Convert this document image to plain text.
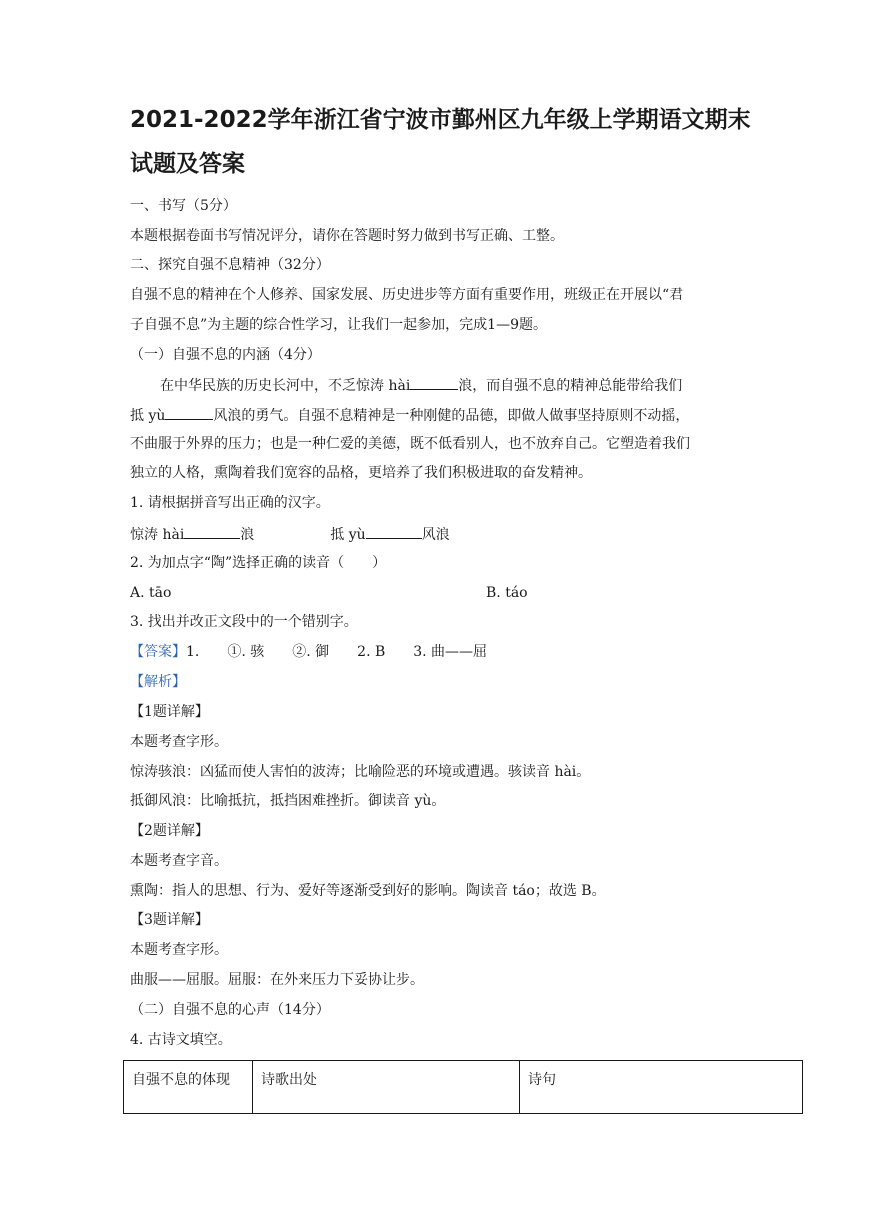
2021-2022学年浙江省宁波市鄞州区九年级上学期语文期末
试题及答案
一、书写（5分）
本题根据卷面书写情况评分，请你在答题时努力做到书写正确、工整。
二、探究自强不息精神（32分）
自强不息的精神在个人修养、国家发展、历史进步等方面有重要作用，班级正在开展以“君
子自强不息”为主题的综合性学习，让我们一起参加，完成1—9题。
（一）自强不息的内涵（4分）
在中华民族的历史长河中，不乏惊涛 hài	浪，而自强不息的精神总能带给我们
抵 yù	风浪的勇气。自强不息精神是一种刚健的品德，即做人做事坚持原则不动摇，
不曲服于外界的压力；也是一种仁爱的美德，既不低看别人，也不放弃自己。它塑造着我们
独立的人格，熏陶着我们宽容的品格，更培养了我们积极进取的奋发精神。
1. 请根据拼音写出正确的汉字。
惊涛 hài	浪	抵 yù	风浪
2. 为加点字“陶”选择正确的读音（　　）
A. tāo	B. táo
3. 找出并改正文段中的一个错别字。
【答案】1.　　①. 骇　　②. 御　　2. B　　3. 曲——屈
【解析】
【1题详解】
本题考查字形。
惊涛骇浪：凶猛而使人害怕的波涛；比喻险恶的环境或遭遇。骇读音 hài。
抵御风浪：比喻抵抗，抵挡困难挫折。御读音 yù。
【2题详解】
本题考查字音。
熏陶：指人的思想、行为、爱好等逐渐受到好的影响。陶读音 táo；故选 B。
【3题详解】
本题考查字形。
曲服——屈服。屈服：在外来压力下妥协让步。
（二）自强不息的心声（14分）
4. 古诗文填空。
自强不息的体现	诗歌出处	诗句
